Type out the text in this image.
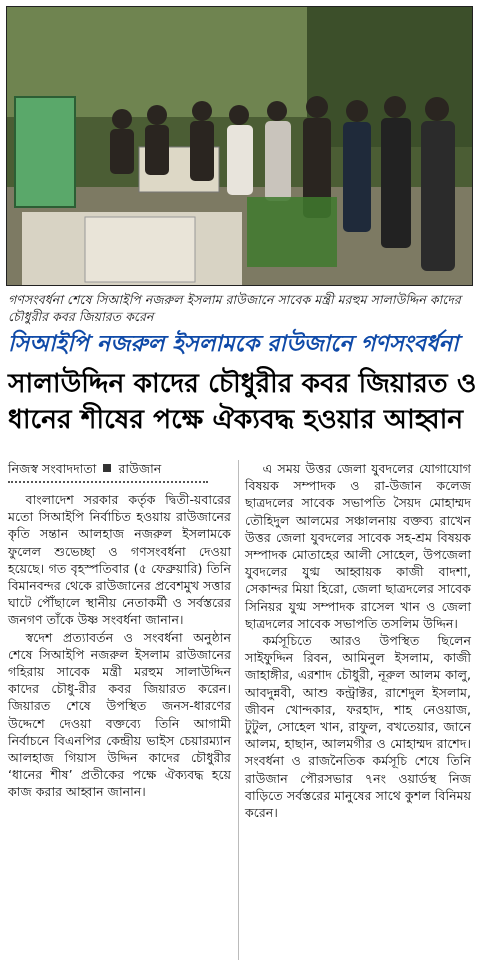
গণসংবর্ধনা শেষে সিআইপি নজরুল ইসলাম রাউজানে সাবেক মন্ত্রী মরহুম সালাউদ্দিন কাদের চৌধুরীর কবর জিয়ারত করেন
সিআইপি নজরুল ইসলামকে রাউজানে গণসংবর্ধনা
সালাউদ্দিন কাদের চৌধুরীর কবর জিয়ারত ও
ধানের শীষের পক্ষে ঐক্যবদ্ধ হওয়ার আহ্বান
নিজস্ব সংবাদদাতা রাউজান

বাংলাদেশ সরকার কর্তৃক দ্বিতী-য়বারের মতো সিআইপি নির্বাচিত হওয়ায় রাউজানের কৃতি সন্তান আলহাজ নজরুল ইসলামকে ফুলেল শুভেচ্ছা ও গণসংবর্ধনা দেওয়া হয়েছে। গত বৃহস্পতিবার (৫ ফেব্রুয়ারি) তিনি বিমানবন্দর থেকে রাউজানের প্রবেশমুখ সত্তার ঘাটে পৌঁছালে স্থানীয় নেতাকর্মী ও সর্বস্তরের জনগণ তাঁকে উষ্ণ সংবর্ধনা জানান।

স্বদেশ প্রত্যাবর্তন ও সংবর্ধনা অনুষ্ঠান শেষে সিআইপি নজরুল ইসলাম রাউজানের গহিরায় সাবেক মন্ত্রী মরহুম সালাউদ্দিন কাদের চৌধু-রীর কবর জিয়ারত করেন। জিয়ারত শেষে উপস্থিত জনস-ধারণের উদ্দেশে দেওয়া বক্তব্যে তিনি আগামী নির্বাচনে বিএনপির কেন্দ্রীয় ভাইস চেয়ারম্যান আলহাজ গিয়াস উদ্দিন কাদের চৌধুরীর ‘ধানের শীষ’ প্রতীকের পক্ষে ঐক্যবদ্ধ হয়ে কাজ করার আহ্বান জানান।

এ সময় উত্তর জেলা যুবদলের যোগাযোগ বিষয়ক সম্পাদক ও রা-উজান কলেজ ছাত্রদলের সাবেক সভাপতি সৈয়দ মোহাম্মদ তৌহিদুল আলমের সঞ্চালনায় বক্তব্য রাখেন উত্তর জেলা যুবদলের সাবেক সহ-শ্রম বিষয়ক সম্পাদক মোতাহের আলী সোহেল, উপজেলা যুবদলের যুগ্ম আহ্বায়ক কাজী বাদশা, সেকান্দর মিয়া হিরো, জেলা ছাত্রদলের সাবেক সিনিয়র যুগ্ম সম্পাদক রাসেল খান ও জেলা ছাত্রদলের সাবেক সভাপতি তসলিম উদ্দিন।

কর্মসূচিতে আরও উপস্থিত ছিলেন সাইফুদ্দিন রিবন, আমিনুল ইসলাম, কাজী জাহাঙ্গীর, এরশাদ চৌধুরী, নূরুল আলম কালু, আবদুন্নবী, আশু কন্ট্রাক্টর, রাশেদুল ইসলাম, জীবন খোন্দকার, ফরহাদ, শাহ নেওয়াজ, টুটুল, সোহেল খান, রাফুল, বখতেয়ার, জানে আলম, হাছান, আলমগীর ও মোহাম্মদ রাশেদ। সংবর্ধনা ও রাজনৈতিক কর্মসূচি শেষে তিনি রাউজান পৌরসভার ৭নং ওয়ার্ডস্থ নিজ বাড়িতে সর্বস্তরের মানুষের সাথে কুশল বিনিময় করেন।
